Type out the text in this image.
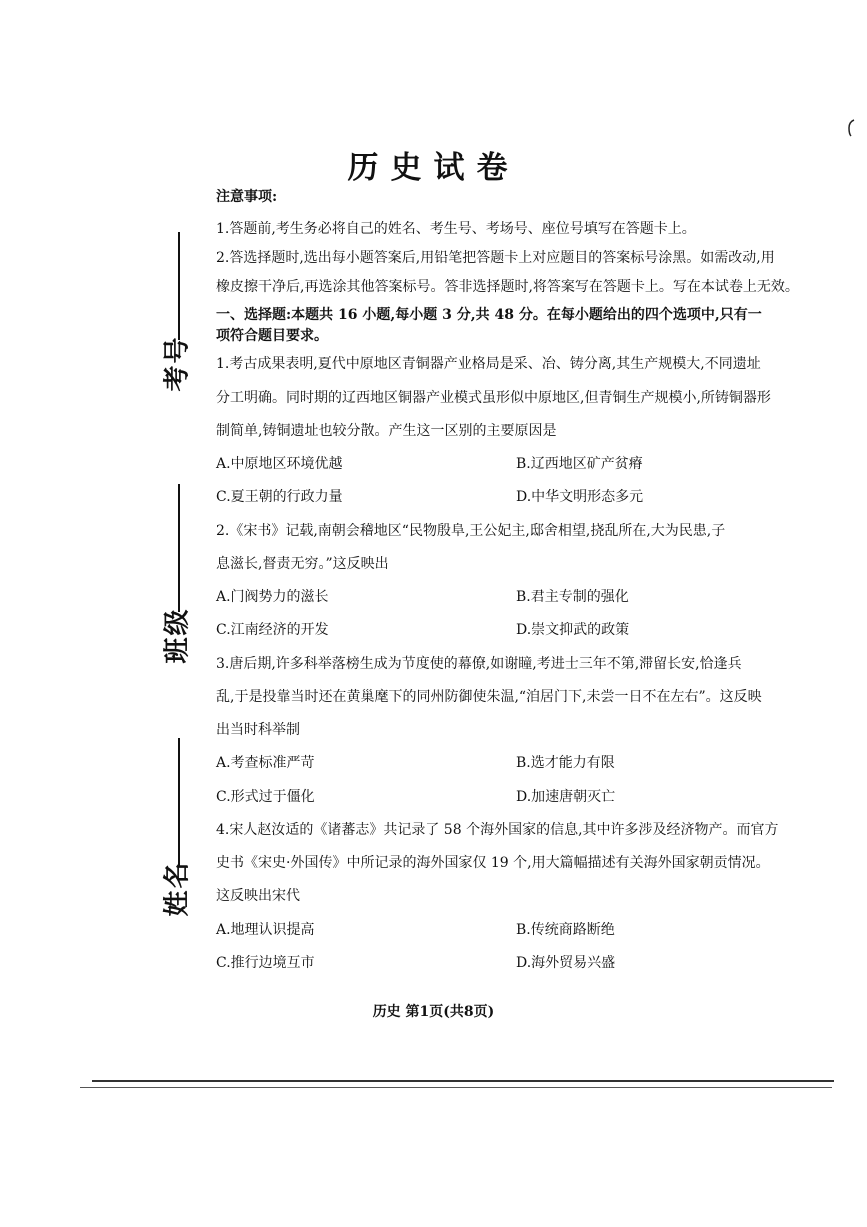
考号
班级
姓名
历史试卷
注意事项:
1.答题前,考生务必将自己的姓名、考生号、考场号、座位号填写在答题卡上。
2.答选择题时,选出每小题答案后,用铅笔把答题卡上对应题目的答案标号涂黑。如需改动,用
橡皮擦干净后,再选涂其他答案标号。答非选择题时,将答案写在答题卡上。写在本试卷上无效。
一、选择题:本题共 16 小题,每小题 3 分,共 48 分。在每小题给出的四个选项中,只有一
项符合题目要求。
1.考古成果表明,夏代中原地区青铜器产业格局是采、冶、铸分离,其生产规模大,不同遗址
分工明确。同时期的辽西地区铜器产业模式虽形似中原地区,但青铜生产规模小,所铸铜器形
制简单,铸铜遗址也较分散。产生这一区别的主要原因是
A.中原地区环境优越	B.辽西地区矿产贫瘠
C.夏王朝的行政力量	D.中华文明形态多元
2.《宋书》记载,南朝会稽地区“民物殷阜,王公妃主,邸舍相望,挠乱所在,大为民患,子
息滋长,督责无穷。”这反映出
A.门阀势力的滋长	B.君主专制的强化
C.江南经济的开发	D.崇文抑武的政策
3.唐后期,许多科举落榜生成为节度使的幕僚,如谢瞳,考进士三年不第,滞留长安,恰逢兵
乱,于是投靠当时还在黄巢麾下的同州防御使朱温,“洎居门下,未尝一日不在左右”。这反映
出当时科举制
A.考查标准严苛	B.选才能力有限
C.形式过于僵化	D.加速唐朝灭亡
4.宋人赵汝适的《诸蕃志》共记录了 58 个海外国家的信息,其中许多涉及经济物产。而官方
史书《宋史·外国传》中所记录的海外国家仅 19 个,用大篇幅描述有关海外国家朝贡情况。
这反映出宋代
A.地理认识提高	B.传统商路断绝
C.推行边境互市	D.海外贸易兴盛
历史 第1页(共8页)
